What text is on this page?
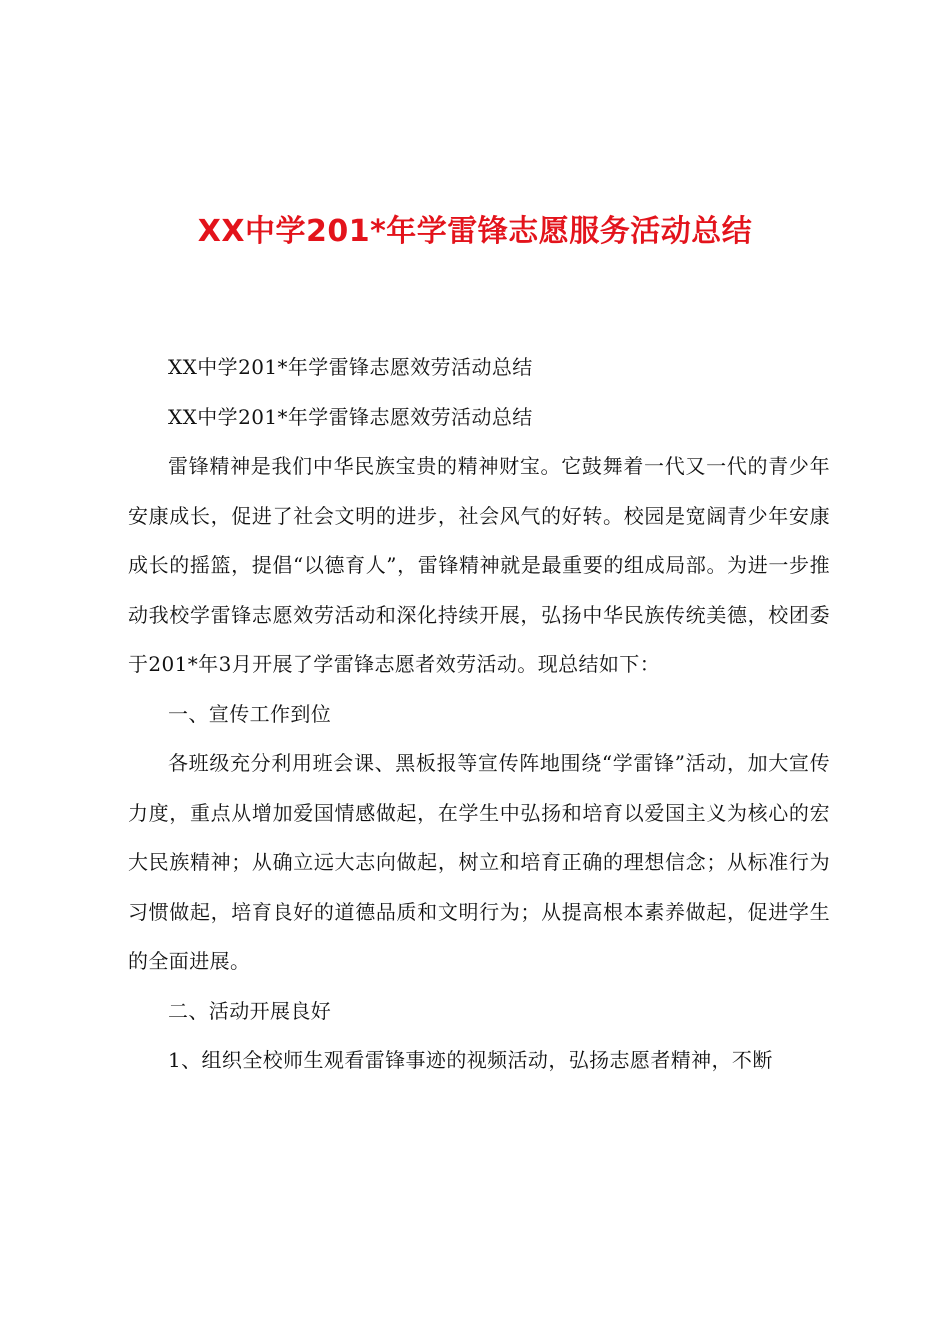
XX中学201*年学雷锋志愿服务活动总结

XX中学201*年学雷锋志愿效劳活动总结

XX中学201*年学雷锋志愿效劳活动总结

雷锋精神是我们中华民族宝贵的精神财宝。它鼓舞着一代又一代的青少年安康成长，促进了社会文明的进步，社会风气的好转。校园是宽阔青少年安康成长的摇篮，提倡“以德育人”，雷锋精神就是最重要的组成局部。为进一步推动我校学雷锋志愿效劳活动和深化持续开展，弘扬中华民族传统美德，校团委于201*年3月开展了学雷锋志愿者效劳活动。现总结如下：

一、宣传工作到位

各班级充分利用班会课、黑板报等宣传阵地围绕“学雷锋”活动，加大宣传力度，重点从增加爱国情感做起，在学生中弘扬和培育以爱国主义为核心的宏大民族精神；从确立远大志向做起，树立和培育正确的理想信念；从标准行为习惯做起，培育良好的道德品质和文明行为；从提高根本素养做起，促进学生的全面进展。

二、活动开展良好

1、组织全校师生观看雷锋事迹的视频活动，弘扬志愿者精神，不断
